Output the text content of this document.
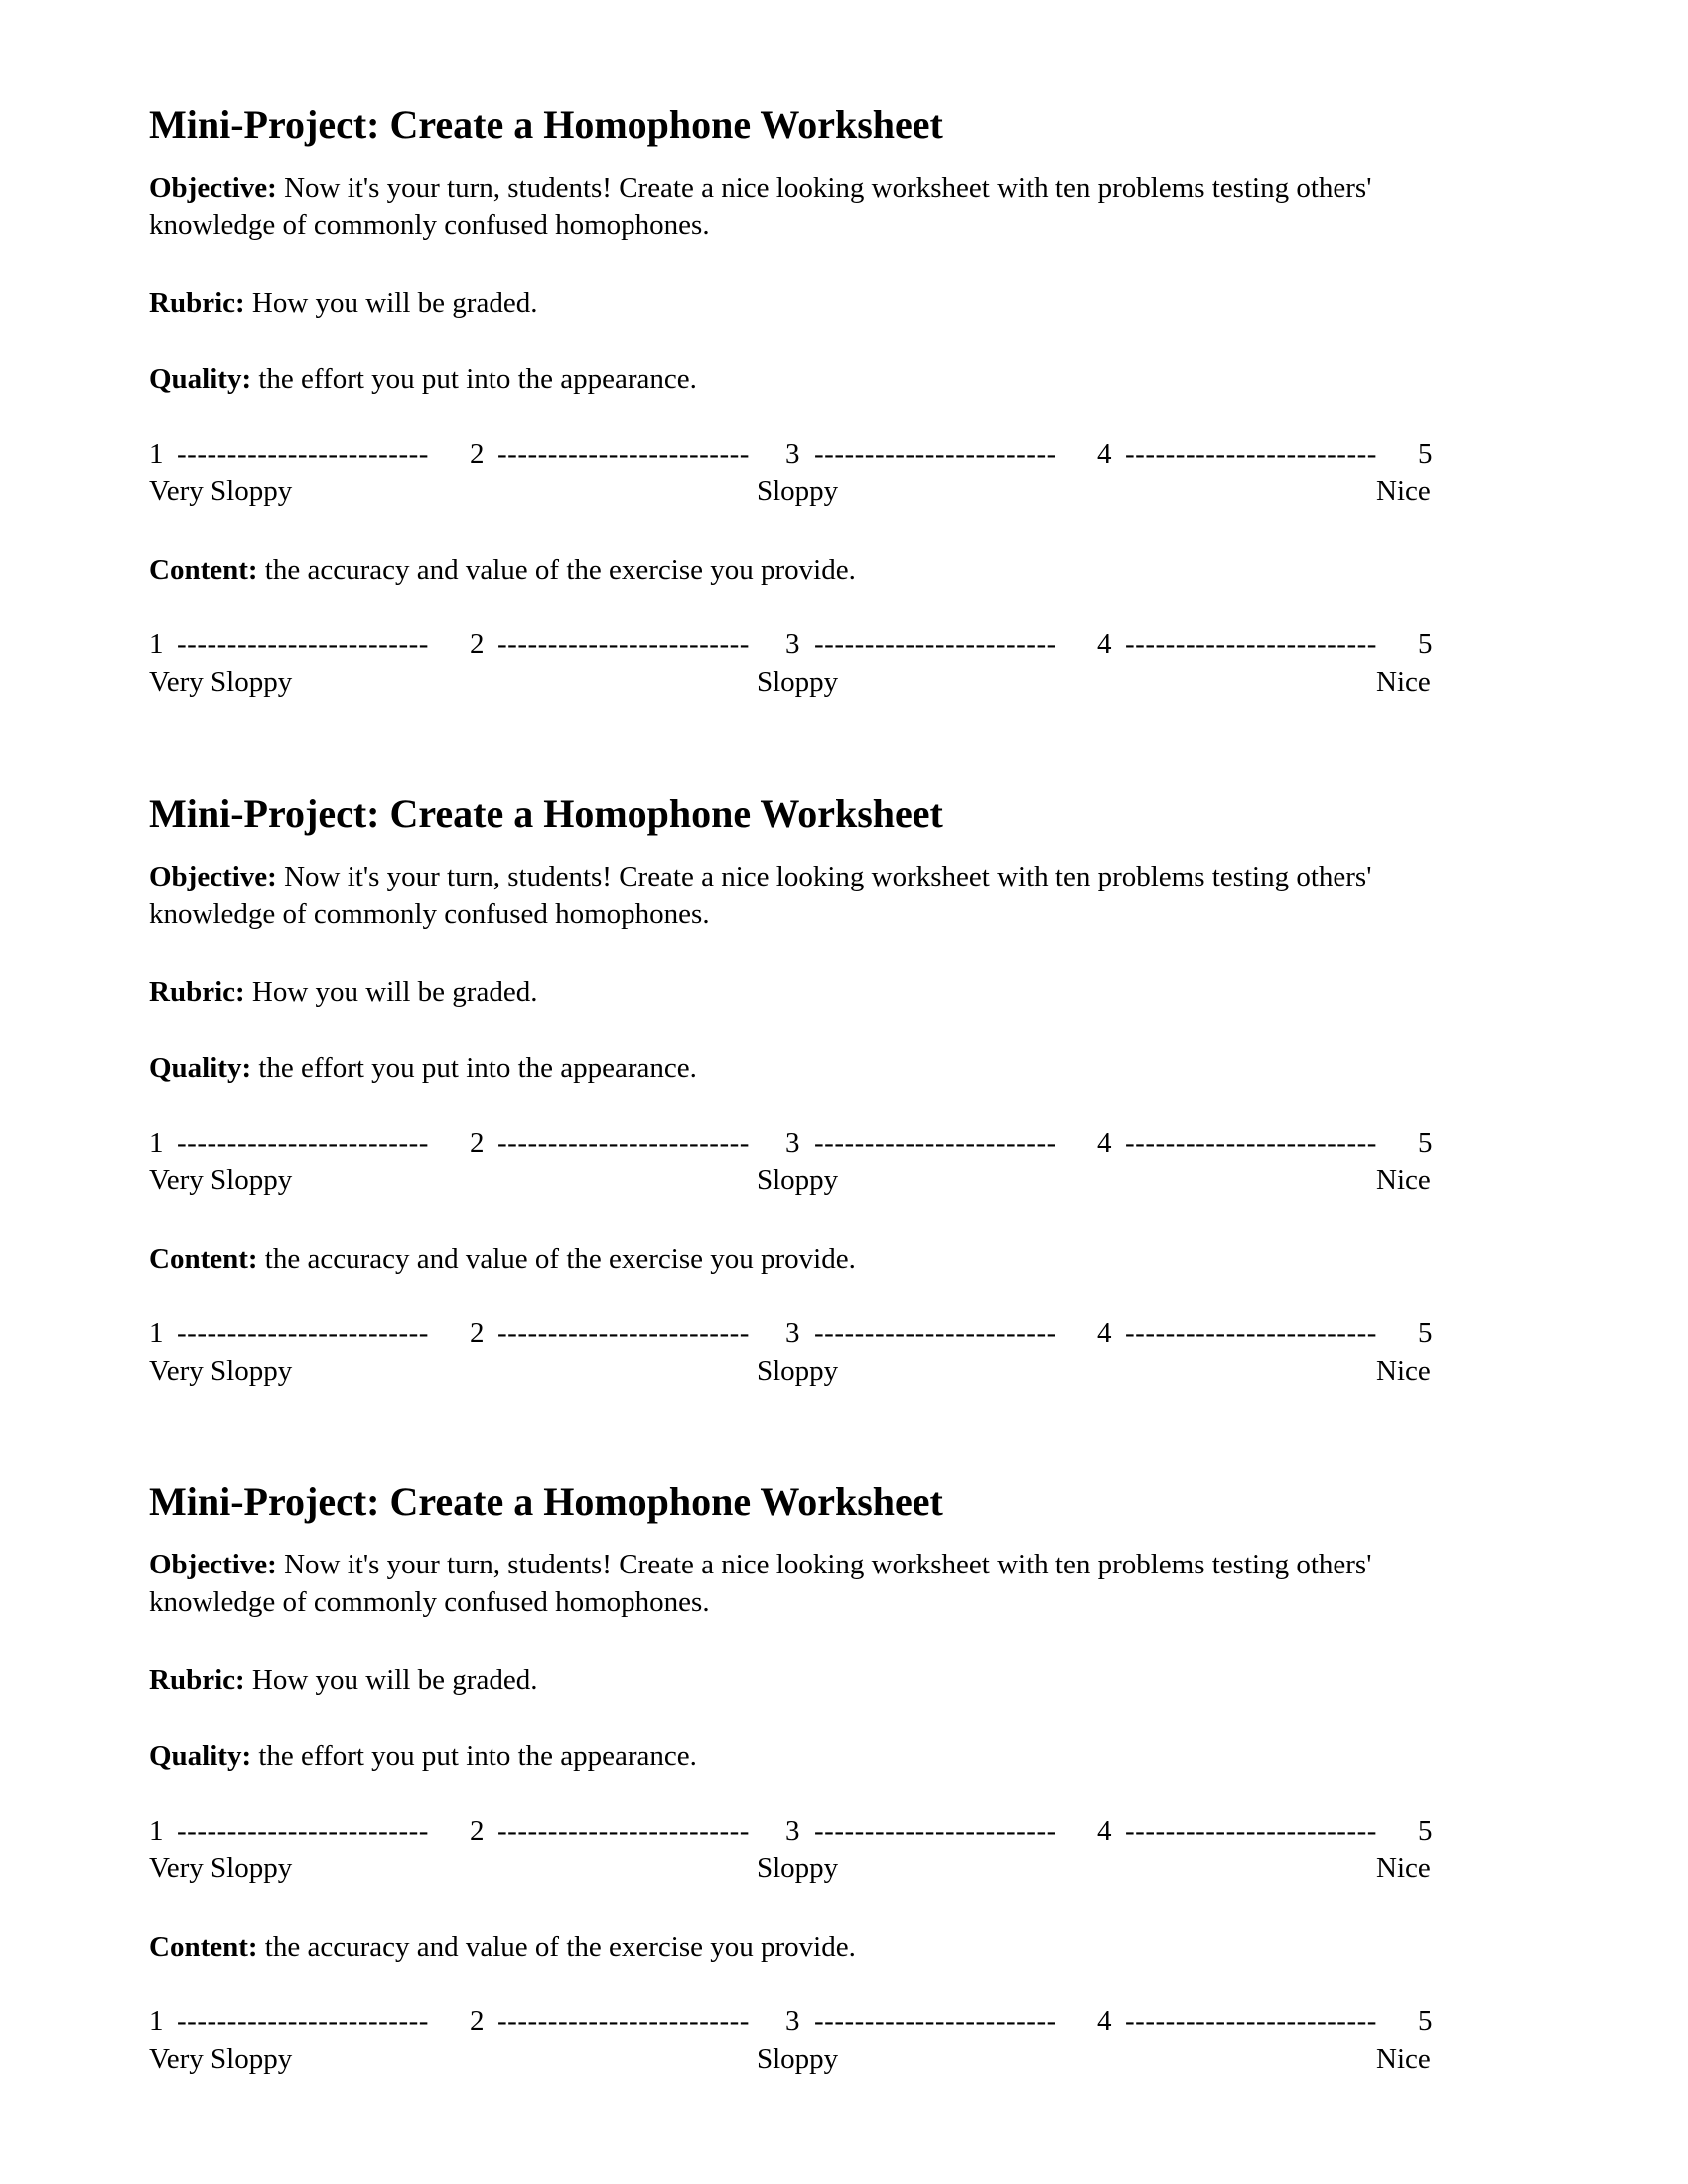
Mini-Project: Create a Homophone Worksheet

Objective: Now it's your turn, students! Create a nice looking worksheet with ten problems testing others' knowledge of commonly confused homophones.

Rubric: How you will be graded.

Quality: the effort you put into the appearance.

1 -------------------------	2 -------------------------	3 ------------------------	4 -------------------------	5
Very Sloppy	Sloppy	Nice

Content: the accuracy and value of the exercise you provide.

1 -------------------------	2 -------------------------	3 ------------------------	4 -------------------------	5
Very Sloppy	Sloppy	Nice
Mini-Project: Create a Homophone Worksheet

Objective: Now it's your turn, students! Create a nice looking worksheet with ten problems testing others' knowledge of commonly confused homophones.

Rubric: How you will be graded.

Quality: the effort you put into the appearance.

1 -------------------------	2 -------------------------	3 ------------------------	4 -------------------------	5
Very Sloppy	Sloppy	Nice

Content: the accuracy and value of the exercise you provide.

1 -------------------------	2 -------------------------	3 ------------------------	4 -------------------------	5
Very Sloppy	Sloppy	Nice
Mini-Project: Create a Homophone Worksheet

Objective: Now it's your turn, students! Create a nice looking worksheet with ten problems testing others' knowledge of commonly confused homophones.

Rubric: How you will be graded.

Quality: the effort you put into the appearance.

1 -------------------------	2 -------------------------	3 ------------------------	4 -------------------------	5
Very Sloppy	Sloppy	Nice

Content: the accuracy and value of the exercise you provide.

1 -------------------------	2 -------------------------	3 ------------------------	4 -------------------------	5
Very Sloppy	Sloppy	Nice
